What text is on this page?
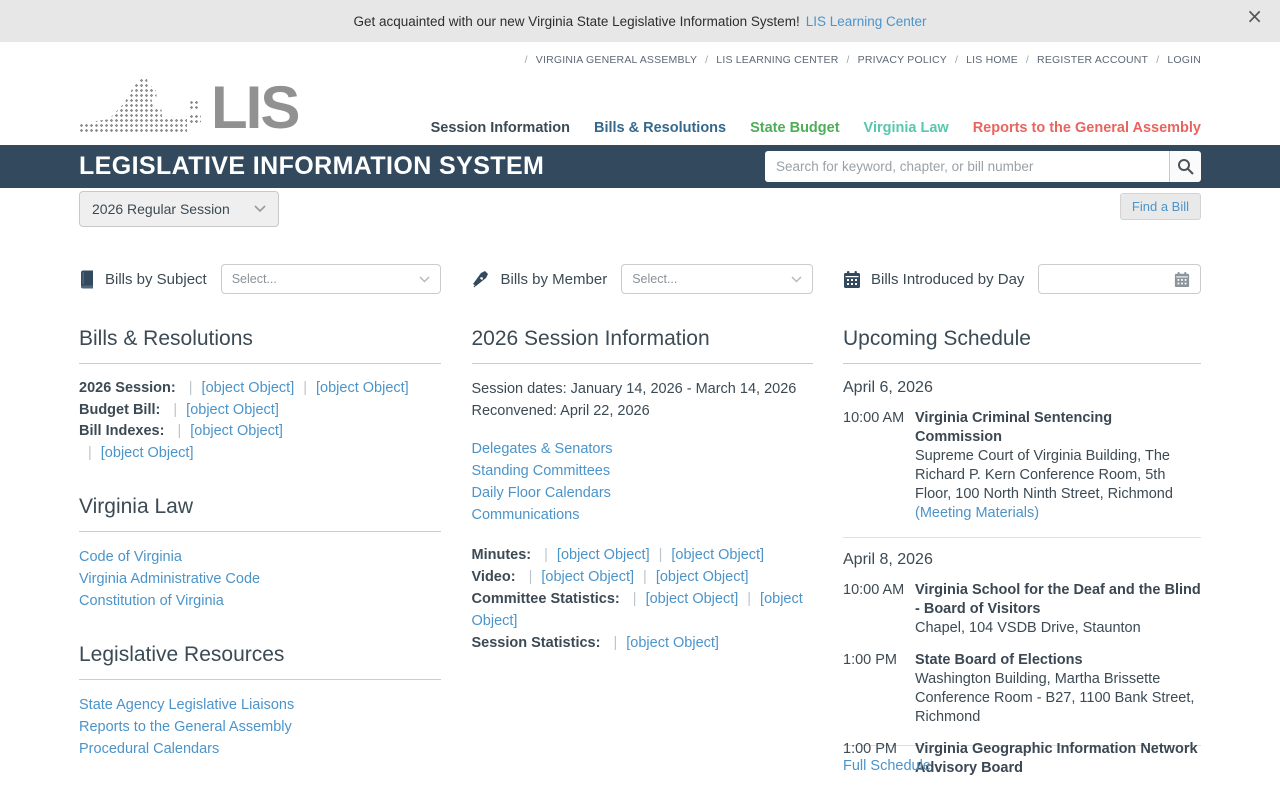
Get acquainted with our new Virginia State Legislative Information System! LIS Learning Center	×
/ VIRGINIA GENERAL ASSEMBLY / LIS LEARNING CENTER / PRIVACY POLICY / LIS HOME / REGISTER ACCOUNT / LOGIN
LIS	Session Information Bills & Resolutions State Budget Virginia Law Reports to the General Assembly
LEGISLATIVE INFORMATION SYSTEM
Search for keyword, chapter, or bill number
2026 Regular Session	Find a Bill
Bills by Subject Select...	Bills by Member Select...	Bills Introduced by Day
Bills & Resolutions
2026 Session: | [object Object] | [object Object]
Budget Bill: | [object Object]
Bill Indexes: | [object Object]
| [object Object]
Virginia Law
Code of Virginia
Virginia Administrative Code
Constitution of Virginia
Legislative Resources
State Agency Legislative Liaisons
Reports to the General Assembly
Procedural Calendars
2026 Session Information
Session dates: January 14, 2026 - March 14, 2026
Reconvened: April 22, 2026
Delegates & Senators
Standing Committees
Daily Floor Calendars
Communications
Minutes: | [object Object] | [object Object]
Video: | [object Object] | [object Object]
Committee Statistics: | [object Object] | [object Object]
Session Statistics: | [object Object]
Upcoming Schedule
April 6, 2026
10:00 AM Virginia Criminal Sentencing Commission
Supreme Court of Virginia Building, The Richard P. Kern Conference Room, 5th Floor, 100 North Ninth Street, Richmond
(Meeting Materials)
April 8, 2026
10:00 AM Virginia School for the Deaf and the Blind - Board of Visitors
Chapel, 104 VSDB Drive, Staunton
1:00 PM	State Board of Elections
Washington Building, Martha Brissette Conference Room - B27, 1100 Bank Street, Richmond
1:00 PM	Virginia Geographic Information Network Advisory Board
Full Schedule
